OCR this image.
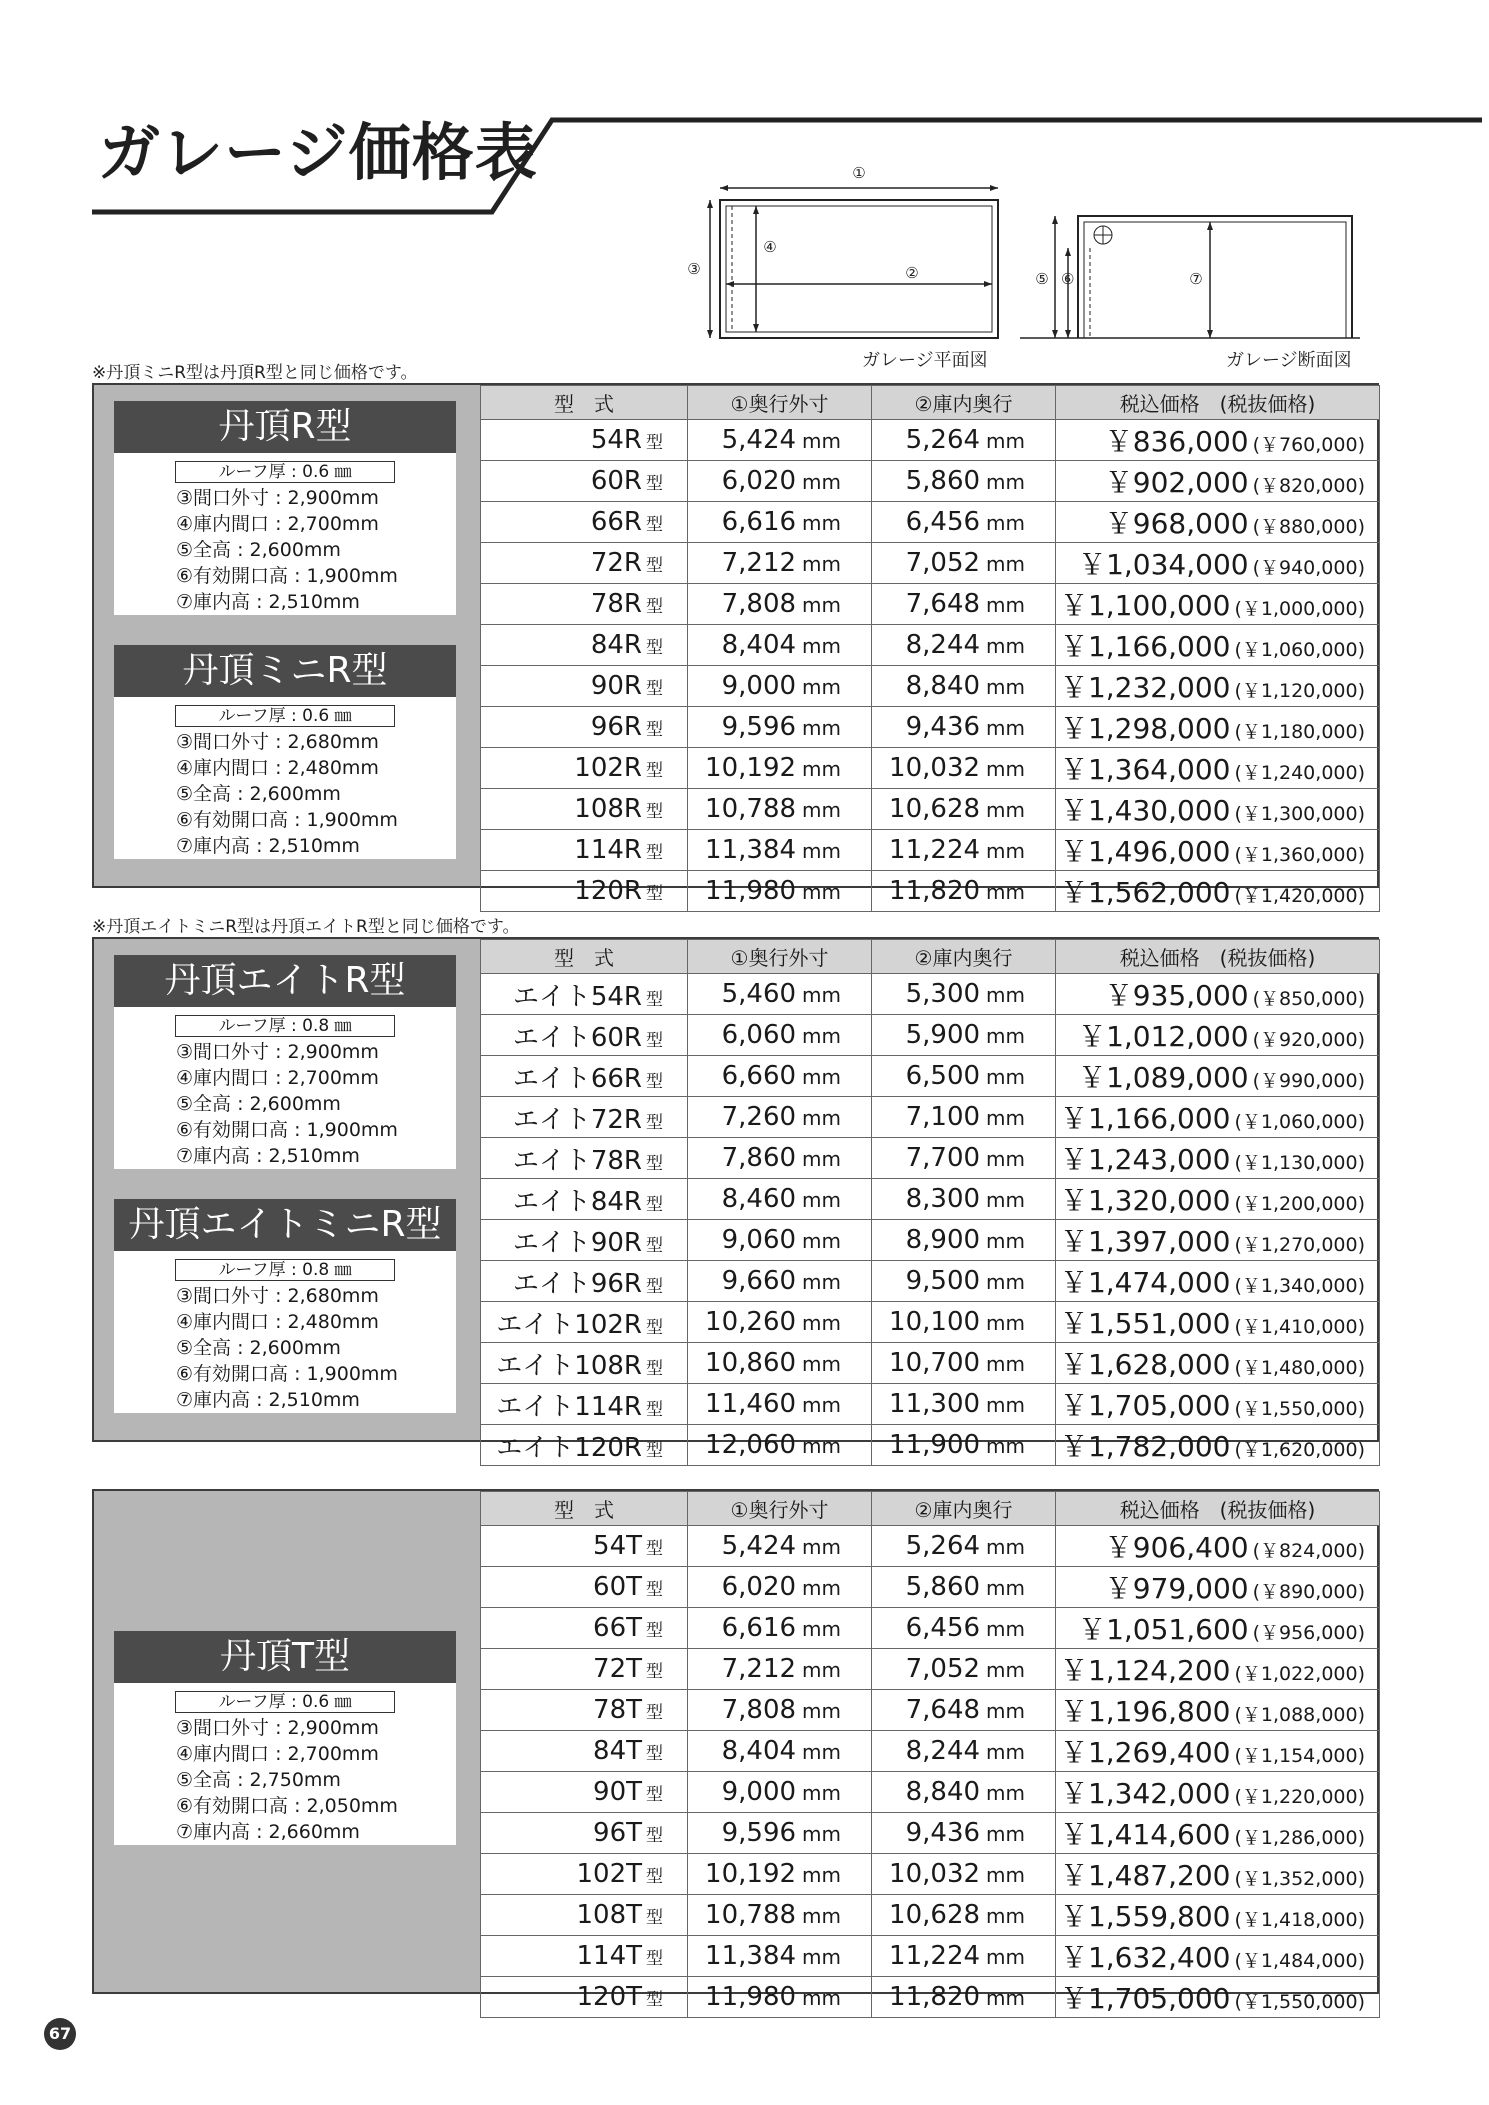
ガレージ価格表	①
③
④
②	⑤ ⑥	⑦
ガレージ平面図	ガレージ断面図
※丹頂ミニR型は丹頂R型と同じ価格です。
※丹頂エイトミニR型は丹頂エイトR型と同じ価格です。
丹頂R型
ルーフ厚 : 0.6 ㎜
③間口外寸 : 2,900mm
④庫内間口 : 2,700mm
⑤全高 : 2,600mm
⑥有効開口高 : 1,900mm
⑦庫内高 : 2,510mm
丹頂ミニR型
ルーフ厚 : 0.6 ㎜
③間口外寸 : 2,680mm
④庫内間口 : 2,480mm
⑤全高 : 2,600mm
⑥有効開口高 : 1,900mm
⑦庫内高 : 2,510mm
型　式	①奥行外寸	②庫内奥行	税込価格　(税抜価格)
54R 型	5,424 mm	5,264 mm	￥836,000 (￥760,000)
60R 型	6,020 mm	5,860 mm	￥902,000 (￥820,000)
66R 型	6,616 mm	6,456 mm	￥968,000 (￥880,000)
72R 型	7,212 mm	7,052 mm	￥1,034,000 (￥940,000)
78R 型	7,808 mm	7,648 mm	￥1,100,000 (￥1,000,000)
84R 型	8,404 mm	8,244 mm	￥1,166,000 (￥1,060,000)
90R 型	9,000 mm	8,840 mm	￥1,232,000 (￥1,120,000)
96R 型	9,596 mm	9,436 mm	￥1,298,000 (￥1,180,000)
102R 型	10,192 mm	10,032 mm	￥1,364,000 (￥1,240,000)
108R 型	10,788 mm	10,628 mm	￥1,430,000 (￥1,300,000)
114R 型	11,384 mm	11,224 mm	￥1,496,000 (￥1,360,000)
120R 型	11,980 mm	11,820 mm	￥1,562,000 (￥1,420,000)
丹頂エイトR型
ルーフ厚 : 0.8 ㎜
③間口外寸 : 2,900mm
④庫内間口 : 2,700mm
⑤全高 : 2,600mm
⑥有効開口高 : 1,900mm
⑦庫内高 : 2,510mm
丹頂エイトミニR型
ルーフ厚 : 0.8 ㎜
③間口外寸 : 2,680mm
④庫内間口 : 2,480mm
⑤全高 : 2,600mm
⑥有効開口高 : 1,900mm
⑦庫内高 : 2,510mm
型　式	①奥行外寸	②庫内奥行	税込価格　(税抜価格)
エイト54R 型	5,460 mm	5,300 mm	￥935,000 (￥850,000)
エイト60R 型	6,060 mm	5,900 mm	￥1,012,000 (￥920,000)
エイト66R 型	6,660 mm	6,500 mm	￥1,089,000 (￥990,000)
エイト72R 型	7,260 mm	7,100 mm	￥1,166,000 (￥1,060,000)
エイト78R 型	7,860 mm	7,700 mm	￥1,243,000 (￥1,130,000)
エイト84R 型	8,460 mm	8,300 mm	￥1,320,000 (￥1,200,000)
エイト90R 型	9,060 mm	8,900 mm	￥1,397,000 (￥1,270,000)
エイト96R 型	9,660 mm	9,500 mm	￥1,474,000 (￥1,340,000)
エイト102R 型	10,260 mm	10,100 mm	￥1,551,000 (￥1,410,000)
エイト108R 型	10,860 mm	10,700 mm	￥1,628,000 (￥1,480,000)
エイト114R 型	11,460 mm	11,300 mm	￥1,705,000 (￥1,550,000)
エイト120R 型	12,060 mm	11,900 mm	￥1,782,000 (￥1,620,000)
丹頂T型
ルーフ厚 : 0.6 ㎜
③間口外寸 : 2,900mm
④庫内間口 : 2,700mm
⑤全高 : 2,750mm
⑥有効開口高 : 2,050mm
⑦庫内高 : 2,660mm
型　式	①奥行外寸	②庫内奥行	税込価格　(税抜価格)
54T 型	5,424 mm	5,264 mm	￥906,400 (￥824,000)
60T 型	6,020 mm	5,860 mm	￥979,000 (￥890,000)
66T 型	6,616 mm	6,456 mm	￥1,051,600 (￥956,000)
72T 型	7,212 mm	7,052 mm	￥1,124,200 (￥1,022,000)
78T 型	7,808 mm	7,648 mm	￥1,196,800 (￥1,088,000)
84T 型	8,404 mm	8,244 mm	￥1,269,400 (￥1,154,000)
90T 型	9,000 mm	8,840 mm	￥1,342,000 (￥1,220,000)
96T 型	9,596 mm	9,436 mm	￥1,414,600 (￥1,286,000)
102T 型	10,192 mm	10,032 mm	￥1,487,200 (￥1,352,000)
108T 型	10,788 mm	10,628 mm	￥1,559,800 (￥1,418,000)
114T 型	11,384 mm	11,224 mm	￥1,632,400 (￥1,484,000)
120T 型	11,980 mm	11,820 mm	￥1,705,000 (￥1,550,000)
67
